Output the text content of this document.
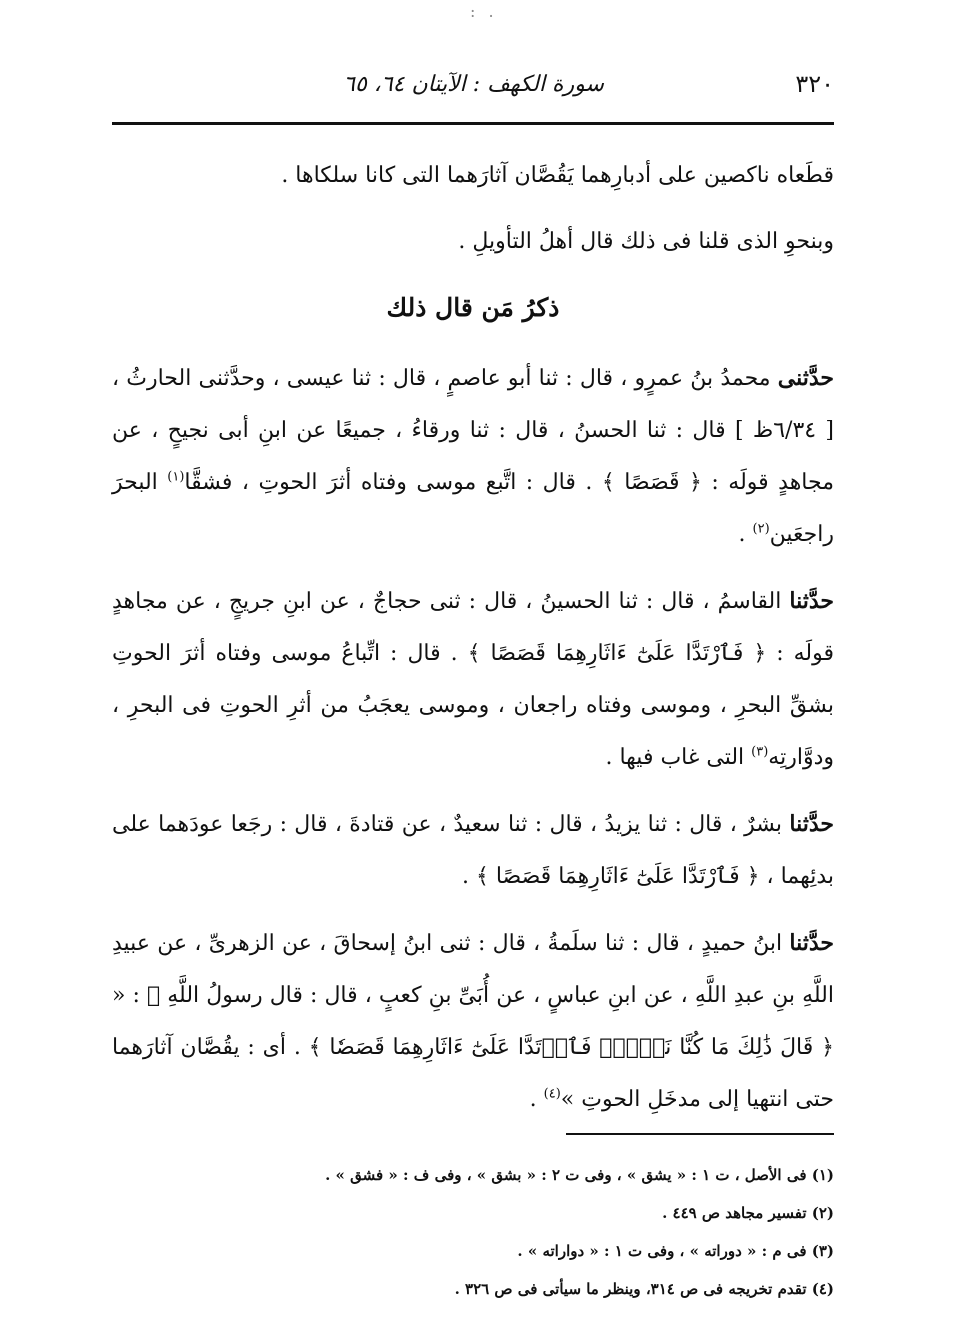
: .
٣٢٠
سورة الكهف : الآيتان ٦٤، ٦٥

قطَعاه ناكصين على أدبارِهما يَقُصَّان آثارَهما التى كانا سلكاها .

وبنحوِ الذى قلنا فى ذلك قال أهلُ التأويلِ .

ذكرُ مَن قال ذلك

حدَّثنى محمدُ بنُ عمرٍو ، قال : ثنا أبو عاصمٍ ، قال : ثنا عيسى ، وحدَّثنى الحارثُ ، [ ٦/٣٤ظ ] قال : ثنا الحسنُ ، قال : ثنا ورقاءُ ، جميعًا عن ابنِ أبى نجيحٍ ، عن مجاهدٍ قولَه : ﴿ قَصَصًا ﴾ . قال : اتَّبع موسى وفتاه أثرَ الحوتِ ، فشقَّا$^{(١)}$ البحرَ راجعَين$^{(٢)}$ .

حدَّثنا القاسمُ ، قال : ثنا الحسينُ ، قال : ثنى حجاجٌ ، عن ابنِ جريجٍ ، عن مجاهدٍ قولَه : ﴿ فَٱرْتَدَّا عَلَىٰٓ ءَاثَارِهِمَا قَصَصًا ﴾ . قال : اتِّباعُ موسى وفتاه أثرَ الحوتِ بشقِّ البحرِ ، وموسى وفتاه راجعان ، وموسى يعجَبُ من أثرِ الحوتِ فى البحرِ ، ودوَّارتِه$^{(٣)}$ التى غاب فيها .

حدَّثنا بشرٌ ، قال : ثنا يزيدُ ، قال : ثنا سعيدٌ ، عن قتادةَ ، قال : رجَعا عودَهما على بدئِهما ، ﴿ فَٱرْتَدَّا عَلَىٰٓ ءَاثَارِهِمَا قَصَصًا ﴾ .

حدَّثنا ابنُ حميدٍ ، قال : ثنا سلَمةُ ، قال : ثنى ابنُ إسحاقَ ، عن الزهرىِّ ، عن عبيدِ اللَّهِ بنِ عبدِ اللَّهِ ، عن ابنِ عباسٍ ، عن أُبَىِّ بنِ كعبٍ ، قال : قال رسولُ اللَّهِ ﷺ : « ﴿ قَالَ ذَٰلِكَ مَا كُنَّا نَبۡغِۚ فَٱرۡتَدَّا عَلَىٰٓ ءَاثَارِهِمَا قَصَصٗا ﴾ . أى : يقُصَّان آثارَهما حتى انتهيا إلى مدخَلِ الحوتِ »$^{(٤)}$ .

(١) فى الأصل ، ت ١ : « يشق » ، وفى ت ٢ : « بشق » ، وفى ف : « فشق » .

(٢) تفسير مجاهد ص ٤٤٩ .

(٣) فى م : « دوراته » ، وفى ت ١ : « دواراته » .

(٤) تقدم تخريجه فى ص ٣١٤، وينظر ما سيأتى فى ص ٣٢٦ .
